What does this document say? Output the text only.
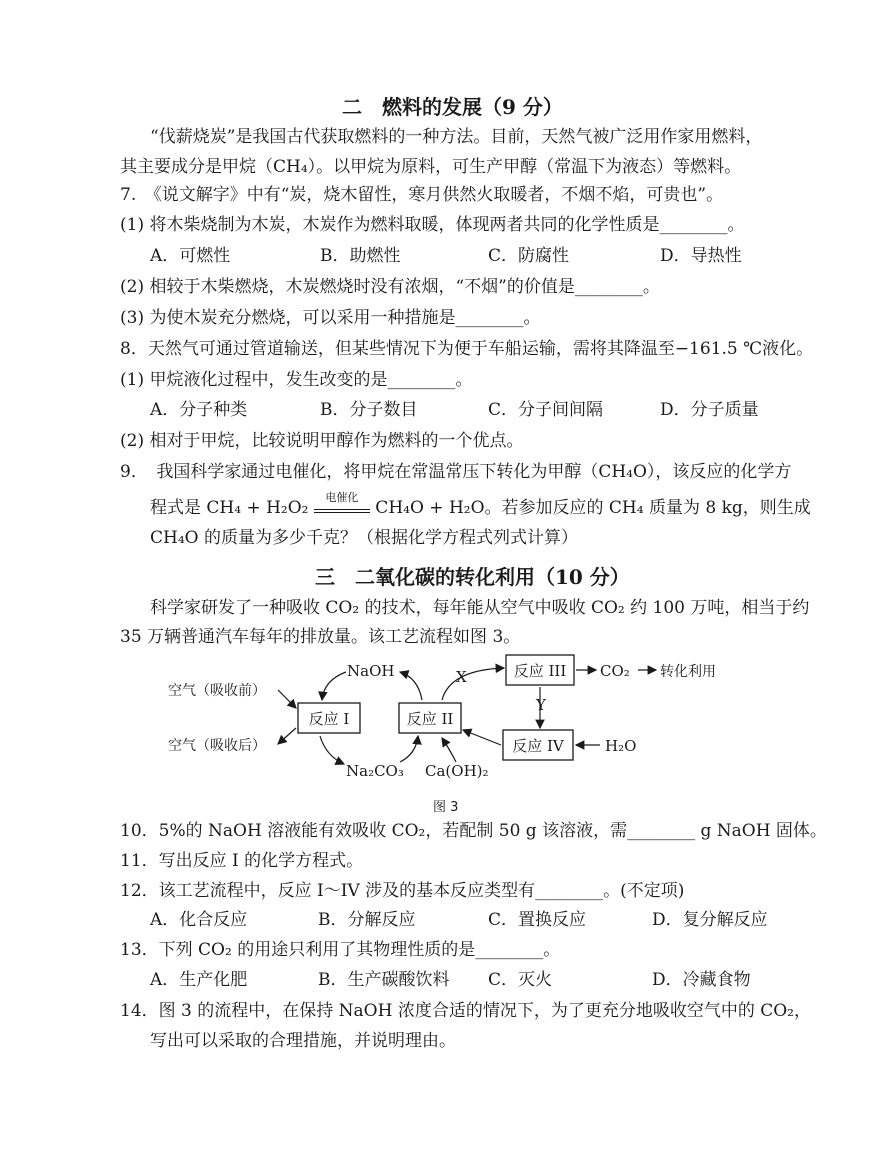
二　燃料的发展（9 分）
“伐薪烧炭”是我国古代获取燃料的一种方法。目前，天然气被广泛用作家用燃料，
其主要成分是甲烷（CH₄）。以甲烷为原料，可生产甲醇（常温下为液态）等燃料。
7.　《说文解字》中有“炭，烧木留性，寒月供然火取暖者，不烟不焰，可贵也”。
(1) 将木柴烧制为木炭，木炭作为燃料取暖，体现两者共同的化学性质是________。
A．可燃性	B．助燃性	C．防腐性	D．导热性
(2) 相较于木柴燃烧，木炭燃烧时没有浓烟，“不烟”的价值是________。
(3) 为使木炭充分燃烧，可以采用一种措施是________。
8．天然气可通过管道输送，但某些情况下为便于车船运输，需将其降温至−161.5 ℃液化。
(1) 甲烷液化过程中，发生改变的是________。
A．分子种类	B．分子数目	C．分子间间隔	D．分子质量
(2) 相对于甲烷，比较说明甲醇作为燃料的一个优点。
9．　我国科学家通过电催化，将甲烷在常温常压下转化为甲醇（CH₄O），该反应的化学方
程式是 CH₄ + H₂O₂
电催化
CH₄O + H₂O。若参加反应的 CH₄ 质量为 8 kg，则生成
CH₄O 的质量为多少千克？（根据化学方程式列式计算）
三　二氧化碳的转化利用（10 分）
科学家研发了一种吸收 CO₂ 的技术，每年能从空气中吸收 CO₂ 约 100 万吨，相当于约
35 万辆普通汽车每年的排放量。该工艺流程如图 3。
反应 I	反应 II
反应 III
反应 IV
空气（吸收前）
空气（吸收后）
NaOH
Na₂CO₃ Ca(OH)₂
X	CO₂ 转化利用
Y
H₂O
图 3
10．5%的 NaOH 溶液能有效吸收 CO₂，若配制 50 g 该溶液，需________ g NaOH 固体。
11．写出反应 I 的化学方程式。
12．该工艺流程中，反应 I～IV 涉及的基本反应类型有________。(不定项)
A．化合反应	B．分解反应	C．置换反应	D．复分解反应
13．下列 CO₂ 的用途只利用了其物理性质的是________。
A．生产化肥	B．生产碳酸饮料 C．灭火	D．冷藏食物
14．图 3 的流程中，在保持 NaOH 浓度合适的情况下，为了更充分地吸收空气中的 CO₂，
写出可以采取的合理措施，并说明理由。
